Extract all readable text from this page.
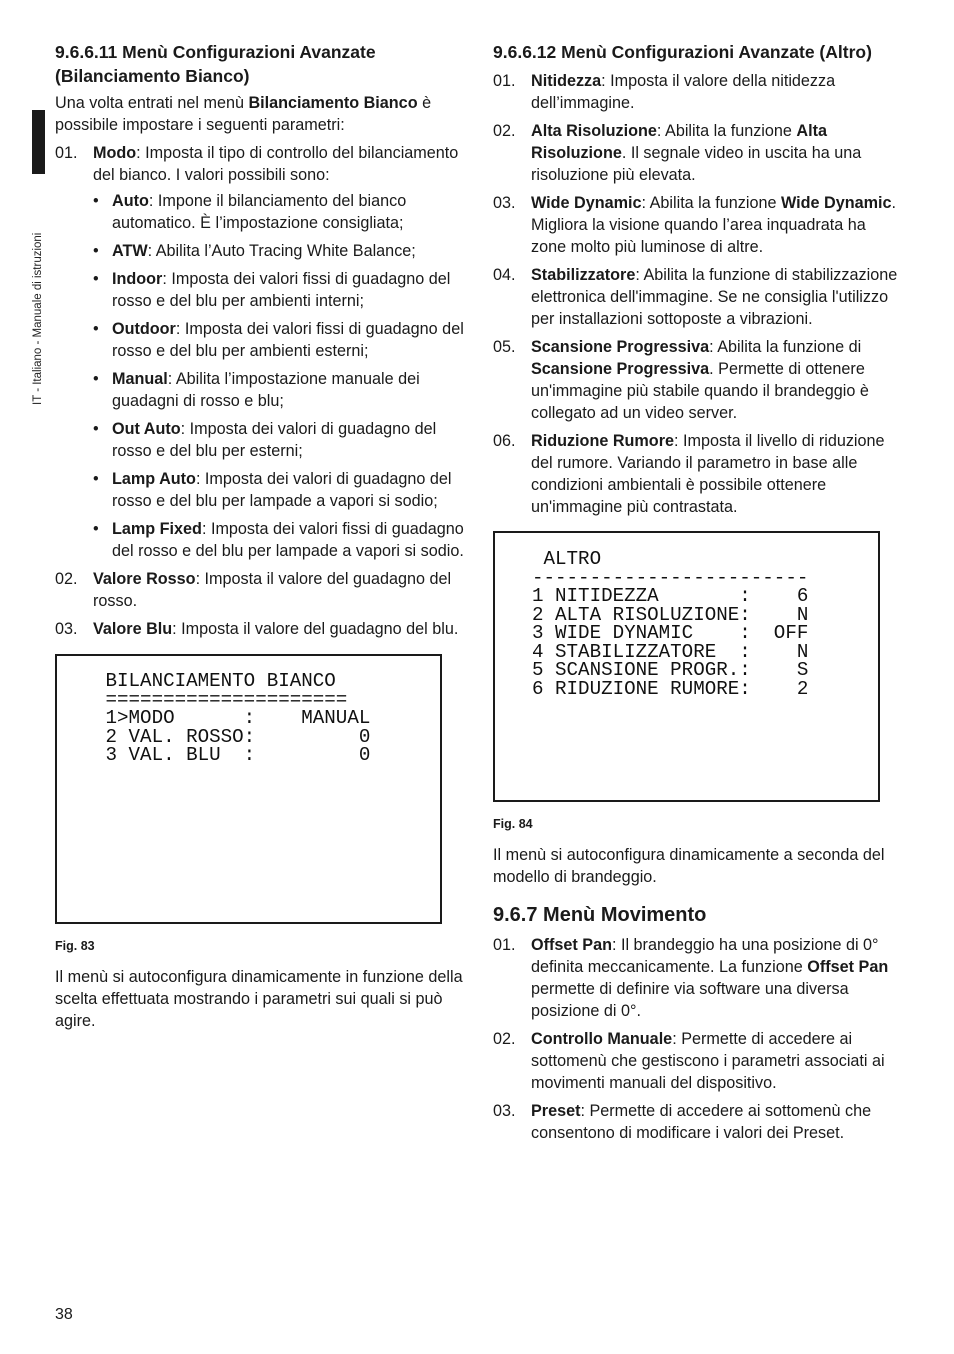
IT - Italiano - Manuale di istruzioni
9.6.6.11 Menù Configurazioni Avanzate (Bilanciamento Bianco)

Una volta entrati nel menù Bilanciamento Bianco è possibile impostare i seguenti parametri:

01. Modo: Imposta il tipo di controllo del bilanciamento del bianco. I valori possibili sono:
• Auto: Impone il bilanciamento del bianco automatico. È l’impostazione consigliata;
• ATW: Abilita l’Auto Tracing White Balance;
• Indoor: Imposta dei valori fissi di guadagno del rosso e del blu per ambienti interni;
• Outdoor: Imposta dei valori fissi di guadagno del rosso e del blu per ambienti esterni;
• Manual: Abilita l’impostazione manuale dei guadagni di rosso e blu;
• Out Auto: Imposta dei valori di guadagno del rosso e del blu per esterni;
• Lamp Auto: Imposta dei valori di guadagno del rosso e del blu per lampade a vapori si sodio;
• Lamp Fixed: Imposta dei valori fissi di guadagno del rosso e del blu per lampade a vapori si sodio.
02. Valore Rosso: Imposta il valore del guadagno del rosso.
03. Valore Blu: Imposta il valore del guadagno del blu.
BILANCIAMENTO BIANCO
=====================
1>MODO      :    MANUAL
2 VAL. ROSSO:         0
3 VAL. BLU  :         0
Fig. 83

Il menù si autoconfigura dinamicamente in funzione della scelta effettuata mostrando i parametri sui quali si può agire.

9.6.6.12 Menù Configurazioni Avanzate (Altro)
01. Nitidezza: Imposta il valore della nitidezza dell’immagine.
02. Alta Risoluzione: Abilita la funzione Alta Risoluzione. Il segnale video in uscita ha una risoluzione più elevata.
03. Wide Dynamic: Abilita la funzione Wide Dynamic. Migliora la visione quando l’area inquadrata ha zone molto più luminose di altre.
04. Stabilizzatore: Abilita la funzione di stabilizzazione elettronica dell'immagine. Se ne consiglia l'utilizzo per installazioni sottoposte a vibrazioni.
05. Scansione Progressiva: Abilita la funzione di Scansione Progressiva. Permette di ottenere un'immagine più stabile quando il brandeggio è collegato ad un video server.
06. Riduzione Rumore: Imposta il livello di riduzione del rumore. Variando il parametro in base alle condizioni ambientali è possibile ottenere un'immagine più contrastata.
ALTRO
------------------------
1 NITIDEZZA       :    6
2 ALTA RISOLUZIONE:    N
3 WIDE DYNAMIC    :  OFF
4 STABILIZZATORE  :    N
5 SCANSIONE PROGR.:    S
6 RIDUZIONE RUMORE:    2
Fig. 84

Il menù si autoconfigura dinamicamente a seconda del modello di brandeggio.

9.6.7 Menù Movimento
01. Offset Pan: Il brandeggio ha una posizione di 0° definita meccanicamente. La funzione Offset Pan permette di definire via software una diversa posizione di 0°.
02. Controllo Manuale: Permette di accedere ai sottomenù che gestiscono i parametri associati ai movimenti manuali del dispositivo.
03. Preset: Permette di accedere ai sottomenù che consentono di modificare i valori dei Preset.
38
